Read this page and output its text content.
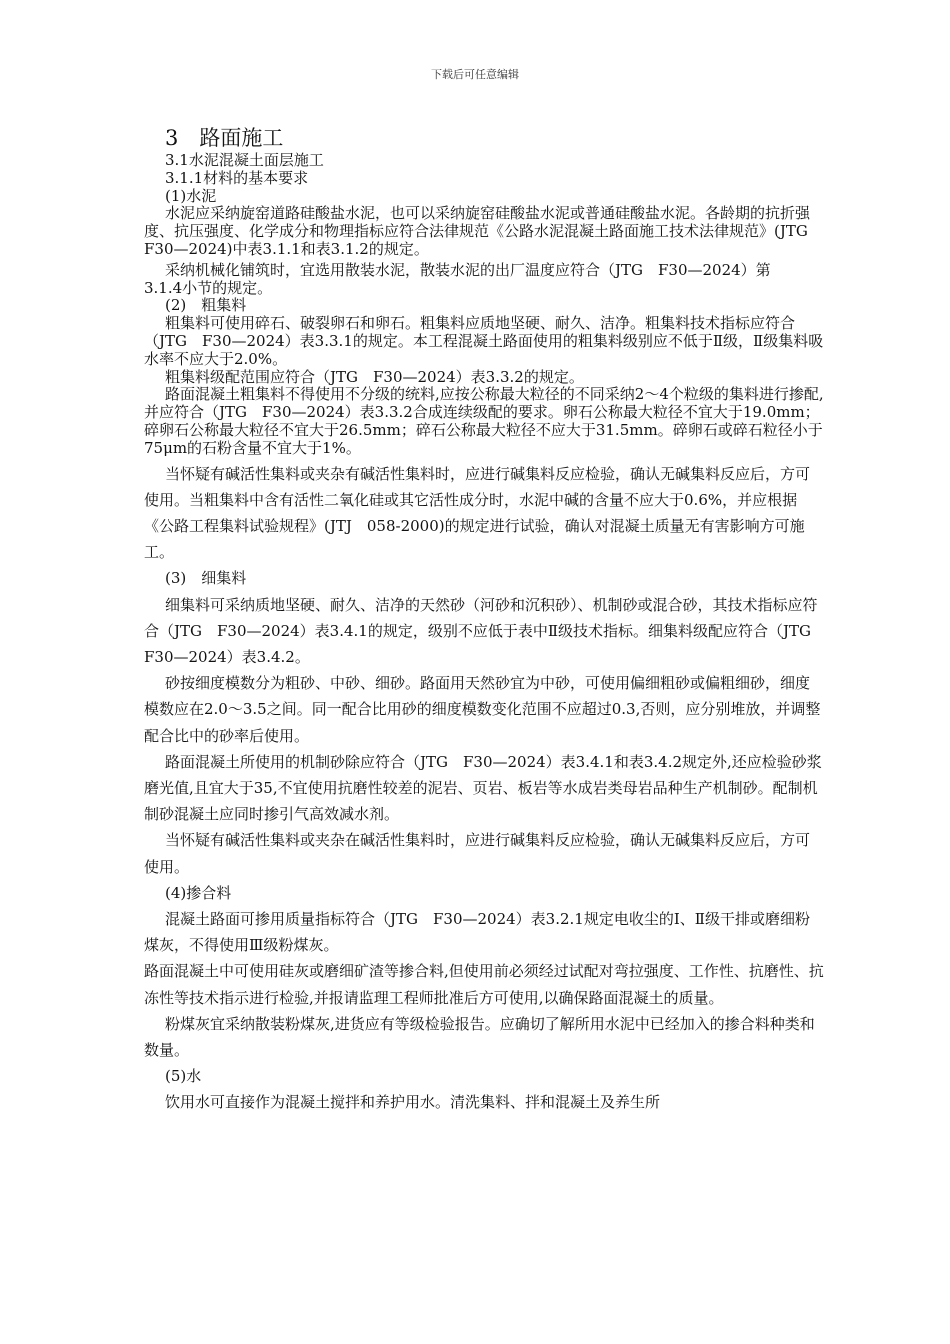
下载后可任意编辑
3　路面施工

3.1水泥混凝土面层施工

3.1.1材料的基本要求

(1)水泥

水泥应采纳旋窑道路硅酸盐水泥，也可以采纳旋窑硅酸盐水泥或普通硅酸盐水泥。各龄期的抗折强度、抗压强度、化学成分和物理指标应符合法律规范《公路水泥混凝土路面施工技术法律规范》(JTG　F30—2024)中表3.1.1和表3.1.2的规定。

采纳机械化铺筑时，宜选用散装水泥，散装水泥的出厂温度应符合（JTG　F30—2024）第

3.1.4小节的规定。

(2)　粗集料

粗集料可使用碎石、破裂卵石和卵石。粗集料应质地坚硬、耐久、洁净。粗集料技术指标应符合（JTG　F30—2024）表3.3.1的规定。本工程混凝土路面使用的粗集料级别应不低于Ⅱ级，Ⅱ级集料吸水率不应大于2.0%。

粗集料级配范围应符合（JTG　F30—2024）表3.3.2的规定。

路面混凝土粗集料不得使用不分级的统料,应按公称最大粒径的不同采纳2～4个粒级的集料进行掺配,并应符合（JTG　F30—2024）表3.3.2合成连续级配的要求。卵石公称最大粒径不宜大于19.0mm；碎卵石公称最大粒径不宜大于26.5mm；碎石公称最大粒径不应大于31.5mm。碎卵石或碎石粒径小于75μm的石粉含量不宜大于1%。

当怀疑有碱活性集料或夹杂有碱活性集料时，应进行碱集料反应检验，确认无碱集料反应后，方可使用。当粗集料中含有活性二氧化硅或其它活性成分时，水泥中碱的含量不应大于0.6%，并应根据《公路工程集料试验规程》(JTJ　058-2000)的规定进行试验，确认对混凝土质量无有害影响方可施工。

(3)　细集料

细集料可采纳质地坚硬、耐久、洁净的天然砂（河砂和沉积砂）、机制砂或混合砂，其技术指标应符合（JTG　F30—2024）表3.4.1的规定，级别不应低于表中Ⅱ级技术指标。细集料级配应符合（JTG　F30—2024）表3.4.2。

砂按细度模数分为粗砂、中砂、细砂。路面用天然砂宜为中砂，可使用偏细粗砂或偏粗细砂，细度模数应在2.0～3.5之间。同一配合比用砂的细度模数变化范围不应超过0.3,否则，应分别堆放，并调整配合比中的砂率后使用。

路面混凝土所使用的机制砂除应符合（JTG　F30—2024）表3.4.1和表3.4.2规定外,还应检验砂浆磨光值,且宜大于35,不宜使用抗磨性较差的泥岩、页岩、板岩等水成岩类母岩品种生产机制砂。配制机制砂混凝土应同时掺引气高效减水剂。

当怀疑有碱活性集料或夹杂在碱活性集料时，应进行碱集料反应检验，确认无碱集料反应后，方可使用。

(4)掺合料

混凝土路面可掺用质量指标符合（JTG　F30—2024）表3.2.1规定电收尘的Ⅰ、Ⅱ级干排或磨细粉煤灰，不得使用Ⅲ级粉煤灰。

路面混凝土中可使用硅灰或磨细矿渣等掺合料,但使用前必须经过试配对弯拉强度、工作性、抗磨性、抗冻性等技术指示进行检验,并报请监理工程师批准后方可使用,以确保路面混凝土的质量。

粉煤灰宜采纳散装粉煤灰,进货应有等级检验报告。应确切了解所用水泥中已经加入的掺合料种类和数量。

(5)水

饮用水可直接作为混凝土搅拌和养护用水。清洗集料、拌和混凝土及养生所
